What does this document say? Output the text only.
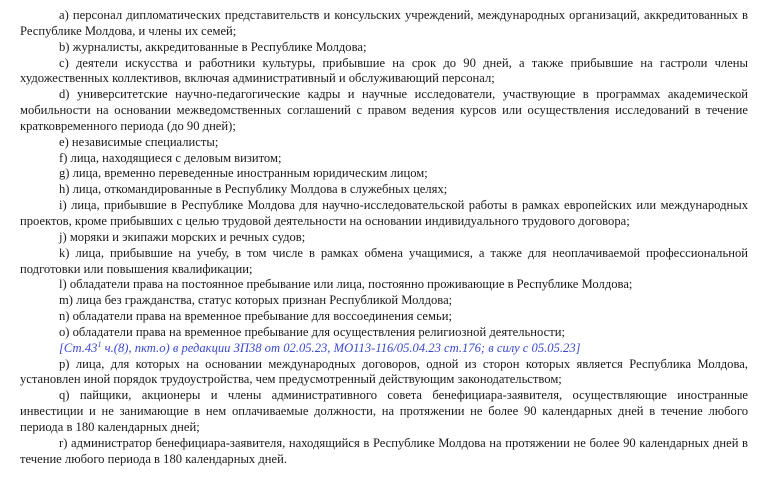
a) персонал дипломатических представительств и консульских учреждений, международных организаций, аккредитованных в Республике Молдова, и члены их семей;

b) журналисты, аккредитованные в Республике Молдова;

c) деятели искусства и работники культуры, прибывшие на срок до 90 дней, а также прибывшие на гастроли члены художественных коллективов, включая административный и обслуживающий персонал;

d) университетские научно-педагогические кадры и научные исследователи, участвующие в программах академической мобильности на основании межведомственных соглашений с правом ведения курсов или осуществления исследований в течение кратковременного периода (до 90 дней);

e) независимые специалисты;

f) лица, находящиеся с деловым визитом;

g) лица, временно переведенные иностранным юридическим лицом;

h) лица, откомандированные в Республику Молдова в служебных целях;

i) лица, прибывшие в Республике Молдова для научно-исследовательской работы в рамках европейских или международных проектов, кроме прибывших с целью трудовой деятельности на основании индивидуального трудового договора;

j) моряки и экипажи морских и речных судов;

k) лица, прибывшие на учебу, в том числе в рамках обмена учащимися, а также для неоплачиваемой профессиональной подготовки или повышения квалификации;

l) обладатели права на постоянное пребывание или лица, постоянно проживающие в Республике Молдова;

m) лица без гражданства, статус которых признан Республикой Молдова;

n) обладатели права на временное пребывание для воссоединения семьи;

o) обладатели права на временное пребывание для осуществления религиозной деятельности;

[Ст.43$^1$ ч.(8), пкт.o) в редакции ЗП38 от 02.05.23, МО113-116/05.04.23 ст.176; в силу с 05.05.23]

p) лица, для которых на основании международных договоров, одной из сторон которых является Республика Молдова, установлен иной порядок трудоустройства, чем предусмотренный действующим законодательством;

q) пайщики, акционеры и члены административного совета бенефициара-заявителя, осуществляющие иностранные инвестиции и не занимающие в нем оплачиваемые должности, на протяжении не более 90 календарных дней в течение любого периода в 180 календарных дней;

r) администратор бенефициара-заявителя, находящийся в Республике Молдова на протяжении не более 90 календарных дней в течение любого периода в 180 календарных дней.
